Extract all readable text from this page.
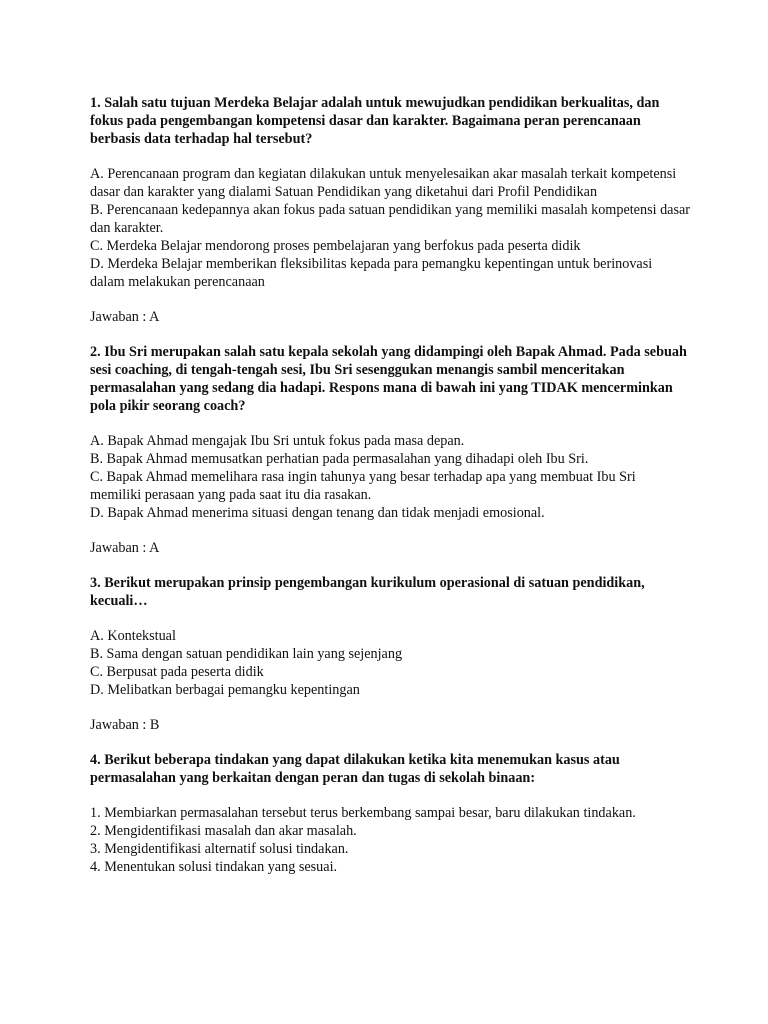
1. Salah satu tujuan Merdeka Belajar adalah untuk mewujudkan pendidikan berkualitas, dan fokus pada pengembangan kompetensi dasar dan karakter. Bagaimana peran perencanaan berbasis data terhadap hal tersebut?

A. Perencanaan program dan kegiatan dilakukan untuk menyelesaikan akar masalah terkait kompetensi dasar dan karakter yang dialami Satuan Pendidikan yang diketahui dari Profil Pendidikan
B. Perencanaan kedepannya akan fokus pada satuan pendidikan yang memiliki masalah kompetensi dasar dan karakter.
C. Merdeka Belajar mendorong proses pembelajaran yang berfokus pada peserta didik
D. Merdeka Belajar memberikan fleksibilitas kepada para pemangku kepentingan untuk berinovasi dalam melakukan perencanaan

Jawaban : A

2. Ibu Sri merupakan salah satu kepala sekolah yang didampingi oleh Bapak Ahmad. Pada sebuah sesi coaching, di tengah-tengah sesi, Ibu Sri sesenggukan menangis sambil menceritakan permasalahan yang sedang dia hadapi. Respons mana di bawah ini yang TIDAK mencerminkan pola pikir seorang coach?

A. Bapak Ahmad mengajak Ibu Sri untuk fokus pada masa depan.
B. Bapak Ahmad memusatkan perhatian pada permasalahan yang dihadapi oleh Ibu Sri.
C. Bapak Ahmad memelihara rasa ingin tahunya yang besar terhadap apa yang membuat Ibu Sri memiliki perasaan yang pada saat itu dia rasakan.
D. Bapak Ahmad menerima situasi dengan tenang dan tidak menjadi emosional.

Jawaban : A

3. Berikut merupakan prinsip pengembangan kurikulum operasional di satuan pendidikan, kecuali…

A. Kontekstual
B. Sama dengan satuan pendidikan lain yang sejenjang
C. Berpusat pada peserta didik
D. Melibatkan berbagai pemangku kepentingan

Jawaban : B

4. Berikut beberapa tindakan yang dapat dilakukan ketika kita menemukan kasus atau permasalahan yang berkaitan dengan peran dan tugas di sekolah binaan:

1. Membiarkan permasalahan tersebut terus berkembang sampai besar, baru dilakukan tindakan.
2. Mengidentifikasi masalah dan akar masalah.
3. Mengidentifikasi alternatif solusi tindakan.
4. Menentukan solusi tindakan yang sesuai.
